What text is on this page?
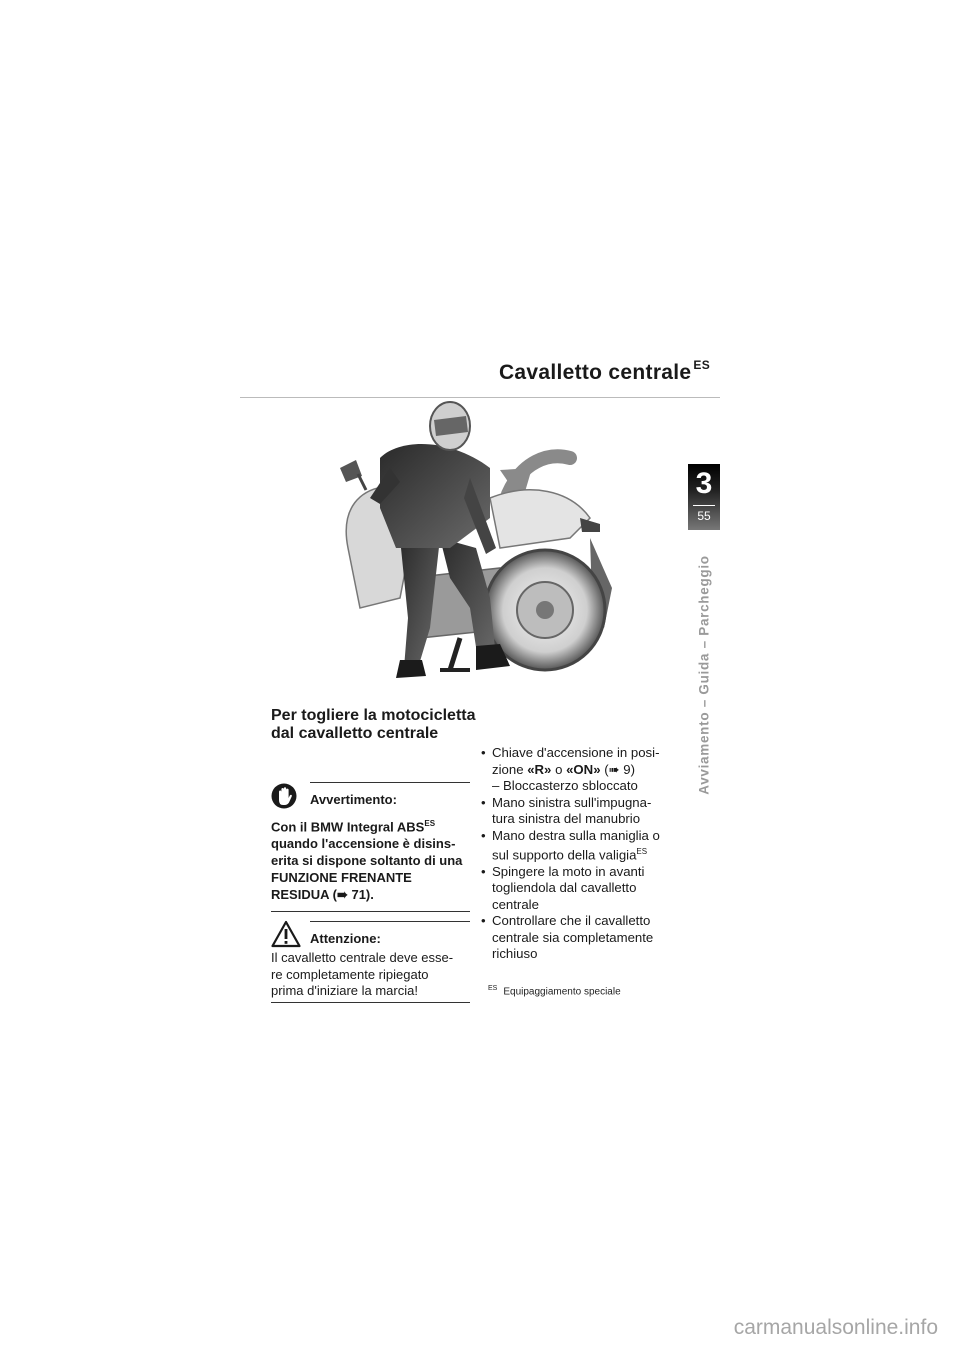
Cavalletto centrale $^{ES}$
3
55
Avviamento – Guida – Parcheggio
Per togliere la motocicletta dal cavalletto centrale
Avvertimento:
Con il BMW Integral $ABS^{ES}$
quando l'accensione è disins-
erita si dispone soltanto di una
FUNZIONE FRENANTE
RESIDUA (➠ 71).
Attenzione:
Il cavalletto centrale deve esse-
re completamente ripiegato
prima d'iniziare la marcia!
• Chiave d'accensione in posi-
zione «R» o «ON» (➠ 9)
– Bloccasterzo sbloccato
• Mano sinistra sull'impugna-
tura sinistra del manubrio
• Mano destra sulla maniglia o
sul supporto della valigia$^{ES}$
• Spingere la moto in avanti
togliendola dal cavalletto
centrale
• Controllare che il cavalletto
centrale sia completamente
richiuso
$^{ES}$ Equipaggiamento speciale
carmanualsonline.info
